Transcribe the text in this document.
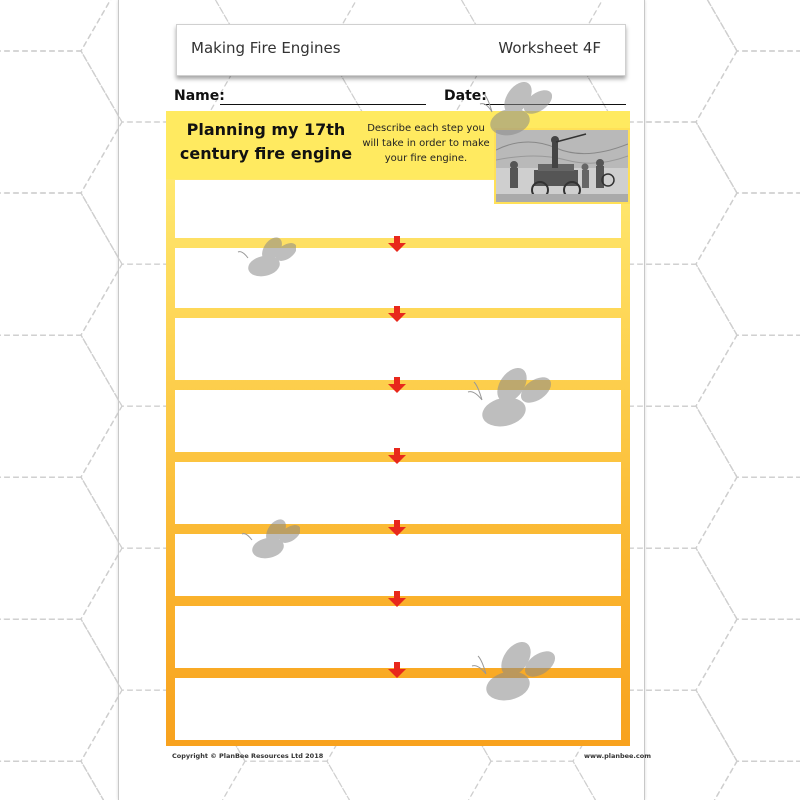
Making Fire Engines	Worksheet 4F
Name:	Date:
Planning my 17th
century fire engine
Describe each step you will take in order to make your fire engine.
Copyright © PlanBee Resources Ltd 2018	www.planbee.com
